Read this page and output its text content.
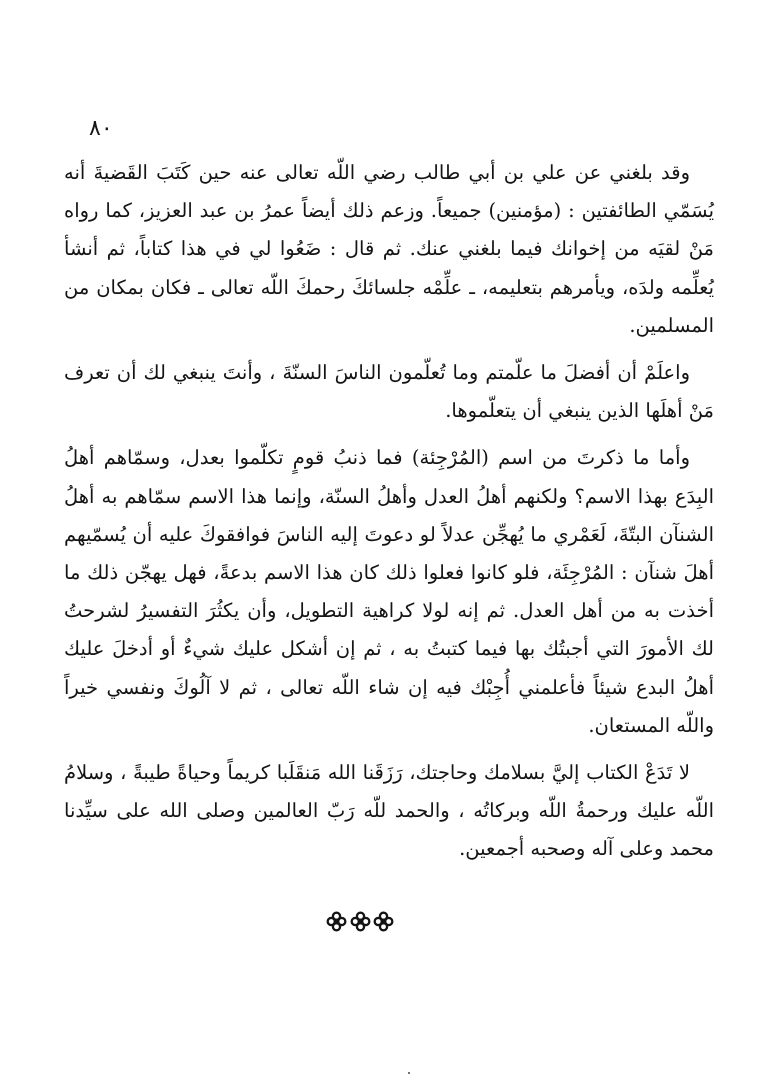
٨٠

وقد بلغني عن علي بن أبي طالب رضي اللّه تعالى عنه حين كَتَبَ القَضيةَ أنه يُسَمّي الطائفتين : (مؤمنين) جميعاً. وزعم ذلك أيضاً عمرُ بن عبد العزيز، كما رواه مَنْ لقيَه من إخوانك فيما بلغني عنك. ثم قال : ضَعُوا لي في هذا كتاباً، ثم أنشأ يُعلِّمه ولدَه، ويأمرهم بتعليمه، ـ علِّمْه جلسائكَ رحمكَ اللّه تعالى ـ فكان بمكان من المسلمين.

واعلَمْ أن أفضلَ ما علّمتم وما تُعلّمون الناسَ السنّةَ ، وأنتَ ينبغي لك أن تعرف مَنْ أهلَها الذين ينبغي أن يتعلّموها.

وأما ما ذكرتَ من اسم (المُرْجِئة) فما ذنبُ قومٍ تكلّموا بعدل، وسمّاهم أهلُ البِدَع بهذا الاسم؟ ولكنهم أهلُ العدل وأهلُ السنّة، وإنما هذا الاسم سمّاهم به أهلُ الشنآن البتّةَ، لَعَمْري ما يُهجِّن عدلاً لو دعوتَ إليه الناسَ فوافقوكَ عليه أن يُسمّيهم أهلَ شنآن : المُرْجِئَة، فلو كانوا فعلوا ذلك كان هذا الاسم بدعةً، فهل يهجّن ذلك ما أخذت به من أهل العدل. ثم إنه لولا كراهية التطويل، وأن يكثُرَ التفسيرُ لشرحتُ لك الأمورَ التي أجبتُك بها فيما كتبتُ به ، ثم إن أشكل عليك شيءٌ أو أدخلَ عليك أهلُ البدع شيئاً فأعلمني أُجِبْك فيه إن شاء اللّه تعالى ، ثم لا آلُوكَ ونفسي خيراً واللّه المستعان.

لا تَدَعْ الكتاب إليَّ بسلامك وحاجتك، رَزَقَنا الله مَنقَلَبا كريماً وحياةً طيبةً ، وسلامُ اللّه عليك ورحمةُ اللّه وبركاتُه ، والحمد للّه رَبّ العالمين وصلى الله على سيِّدنا محمد وعلى آله وصحبه أجمعين.
